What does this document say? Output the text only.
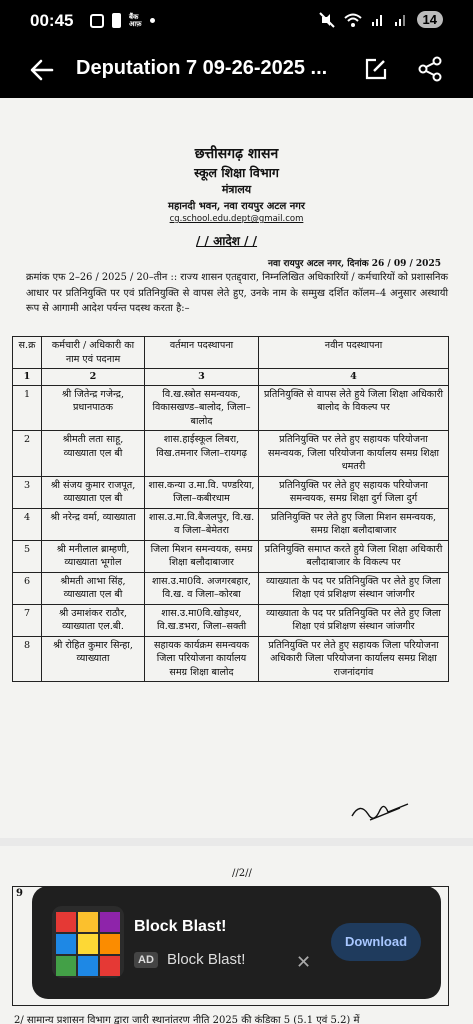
00:45	बैंक
आफ़	14
Deputation 7 09-26-2025 ...
छत्तीसगढ़ शासन
स्कूल शिक्षा विभाग
मंत्रालय
महानदी भवन, नवा रायपुर अटल नगर
cg.school.edu.dept@gmail.com
/ / आदेश / /
नवा रायपुर अटल नगर, दिनांक 26 / 09 / 2025
क्रमांक एफ 2–26 / 2025 / 20–तीन :: राज्य शासन एतद्द्वारा, निम्नलिखित अधिकारियों / कर्मचारियों को प्रशासनिक आधार पर प्रतिनियुक्ति पर एवं प्रतिनियुक्ति से वापस लेते हुए, उनके नाम के सम्मुख दर्शित कॉलम–4 अनुसार अस्थायी रूप से आगामी आदेश पर्यन्त पदस्थ करता है:–
स.क्र	कर्मचारी / अधिकारी का नाम एवं पदनाम	वर्तमान पदस्थापना	नवीन पदस्थापना
1	2	3	4
1	श्री जितेन्द्र गजेन्द्र, प्रधानपाठक	वि.ख.स्त्रोत समन्वयक, विकासखण्ड–बालोद, जिला–बालोद	प्रतिनियुक्ति से वापस लेते हुये जिला शिक्षा अधिकारी बालोद के विकल्प पर
2	श्रीमती लता साहू, व्याख्याता एल बी	शास.हाईस्कूल लिबरा, विख.तमनार जिला–रायगढ़	प्रतिनियुक्ति पर लेते हुए सहायक परियोजना समन्वयक, जिला परियोजना कार्यालय समग्र शिक्षा धमतरी
3	श्री संजय कुमार राजपूत, व्याख्याता एल बी	शास.कन्या उ.मा.वि. पण्डरिया, जिला–कबीरधाम	प्रतिनियुक्ति पर लेते हुए सहायक परियोजना समन्वयक, समग्र शिक्षा दुर्ग जिला दुर्ग
4	श्री नरेन्द्र वर्मा, व्याख्याता	शास.उ.मा.वि.बैजलपुर, वि.ख. व जिला–बेमेतरा	प्रतिनियुक्ति पर लेते हुए जिला मिशन समन्वयक, समग्र शिक्षा बलौदाबाजार
5	श्री मनीलाल ब्राम्हणी, व्याख्याता भूगोल	जिला मिशन समन्वयक, समग्र शिक्षा बलौदाबाजार	प्रतिनियुक्ति समाप्त करते हुये जिला शिक्षा अधिकारी बलौदाबाजार के विकल्प पर
6	श्रीमती आभा सिंह, व्याख्याता एल बी	शास.उ.मा0वि. अजगरबहार, वि.ख. व जिला–कोरबा	व्याख्याता के पद पर प्रतिनियुक्ति पर लेते हुए जिला शिक्षा एवं प्रशिक्षण संस्थान जांजगीर
7	श्री उमाशंकर राठौर, व्याख्याता एल.बी.	शास.उ.मा0वि.खोड़धर, वि.ख.डभरा, जिला–सक्ती	व्याख्याता के पद पर प्रतिनियुक्ति पर लेते हुए जिला शिक्षा एवं प्रशिक्षण संस्थान जांजगीर
8	श्री रोहित कुमार सिन्हा, व्याख्याता	सहायक कार्यक्रम समन्वयक जिला परियोजना कार्यालय समग्र शिक्षा बालोद	प्रतिनियुक्ति पर लेते हुए सहायक जिला परियोजना अधिकारी जिला परियोजना कार्यालय समग्र शिक्षा राजनांदगांव
//2//
9
2/ सामान्य प्रशासन विभाग द्वारा जारी स्थानांतरण नीति 2025 की कंडिका 5 (5.1 एवं 5.2) में
Block Blast!
AD Block Blast!	✕
Download
